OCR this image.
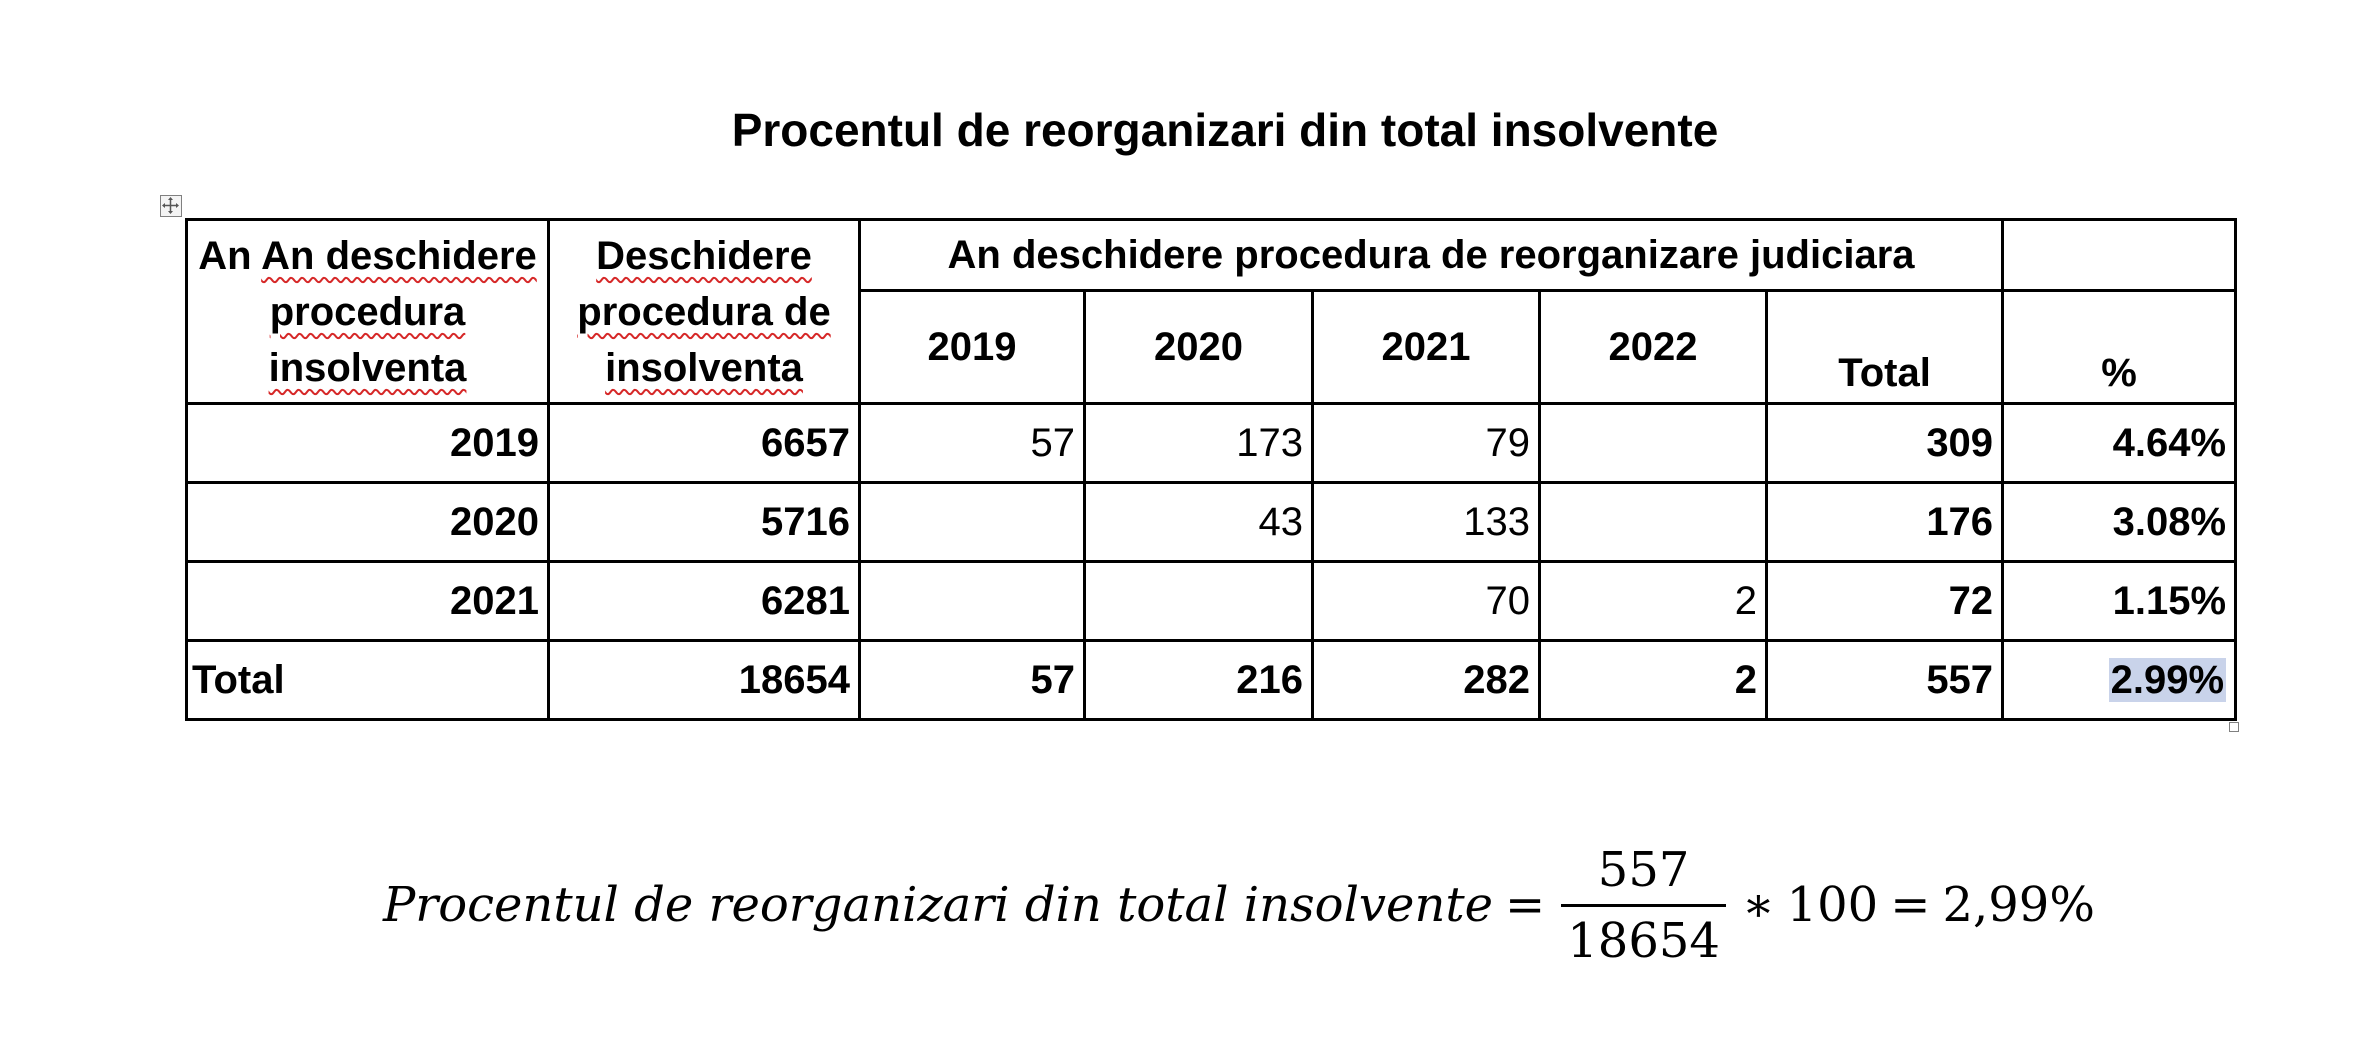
Procentul de reorganizari din total insolvente
An An deschidere
procedura
insolventa	Deschidere
procedura de
insolventa	An deschidere procedura de reorganizare judiciara					
		2019	2020	2021	2022	Total	%
2019	6657	57	173	79		309	4.64%
2020	5716		43	133		176	3.08%
2021	6281			70	2	72	1.15%
Total	18654	57	216	282	2	557	2.99%
Procentul de reorganizari din total insolvente = $\frac{557}{18654}$ ∗ 100 = 2,99%
